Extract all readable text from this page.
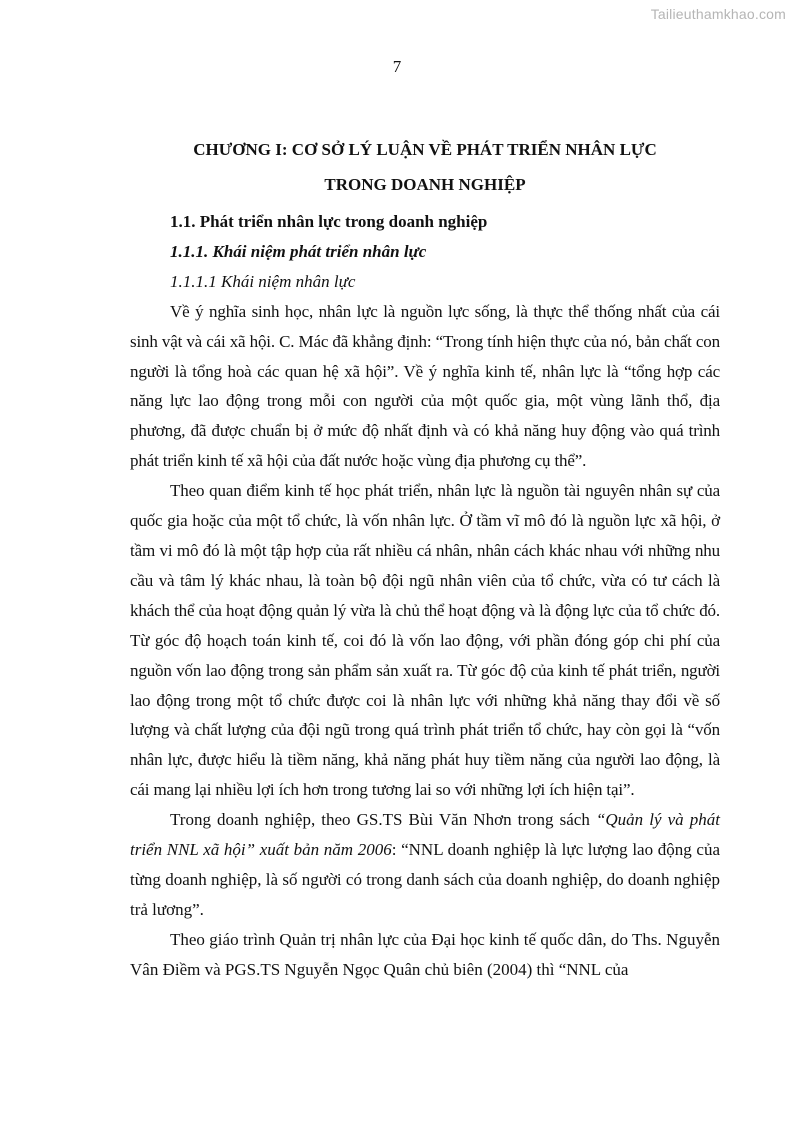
Tailieuthamkhao.com
7
CHƯƠNG I: CƠ SỞ LÝ LUẬN VỀ PHÁT TRIỂN NHÂN LỰC
TRONG DOANH NGHIỆP
1.1. Phát triển nhân lực trong doanh nghiệp
1.1.1. Khái niệm phát triển nhân lực
1.1.1.1 Khái niệm nhân lực

Về ý nghĩa sinh học, nhân lực là nguồn lực sống, là thực thể thống nhất của cái sinh vật và cái xã hội. C. Mác đã khẳng định: “Trong tính hiện thực của nó, bản chất con người là tổng hoà các quan hệ xã hội”. Về ý nghĩa kinh tế, nhân lực là “tổng hợp các năng lực lao động trong mỗi con người của một quốc gia, một vùng lãnh thổ, địa phương, đã được chuẩn bị ở mức độ nhất định và có khả năng huy động vào quá trình phát triển kinh tế xã hội của đất nước hoặc vùng địa phương cụ thể”.

Theo quan điểm kinh tế học phát triển, nhân lực là nguồn tài nguyên nhân sự của quốc gia hoặc của một tổ chức, là vốn nhân lực. Ở tầm vĩ mô đó là nguồn lực xã hội, ở tầm vi mô đó là một tập hợp của rất nhiều cá nhân, nhân cách khác nhau với những nhu cầu và tâm lý khác nhau, là toàn bộ đội ngũ nhân viên của tổ chức, vừa có tư cách là khách thể của hoạt động quản lý vừa là chủ thể hoạt động và là động lực của tổ chức đó. Từ góc độ hoạch toán kinh tế, coi đó là vốn lao động, với phần đóng góp chi phí của nguồn vốn lao động trong sản phẩm sản xuất ra. Từ góc độ của kinh tế phát triển, người lao động trong một tổ chức được coi là nhân lực với những khả năng thay đổi về số lượng và chất lượng của đội ngũ trong quá trình phát triển tổ chức, hay còn gọi là “vốn nhân lực, được hiểu là tiềm năng, khả năng phát huy tiềm năng của người lao động, là cái mang lại nhiều lợi ích hơn trong tương lai so với những lợi ích hiện tại”.

Trong doanh nghiệp, theo GS.TS Bùi Văn Nhơn trong sách “Quản lý và phát triển NNL xã hội” xuất bản năm 2006: “NNL doanh nghiệp là lực lượng lao động của từng doanh nghiệp, là số người có trong danh sách của doanh nghiệp, do doanh nghiệp trả lương”.

Theo giáo trình Quản trị nhân lực của Đại học kinh tế quốc dân, do Ths. Nguyễn Vân Điềm và PGS.TS Nguyễn Ngọc Quân chủ biên (2004) thì “NNL của
